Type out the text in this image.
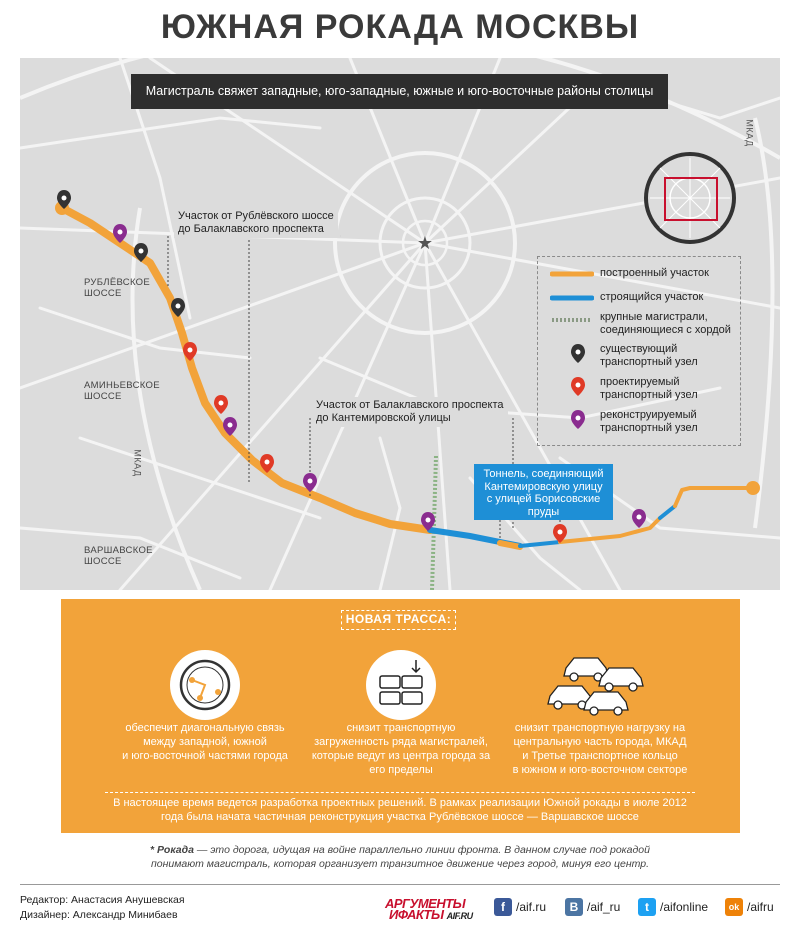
ЮЖНАЯ РОКАДА МОСКВЫ
★
Магистраль свяжет западные, юго-западные, южные и юго-восточные районы столицы
РУБЛЁВСКОЕ
ШОССЕ
АМИНЬЕВСКОЕ
ШОССЕ
ВАРШАВСКОЕ
ШОССЕ
МКАД
МКАД
Участок от Рублёвского шоссе
до Балаклавского проспекта
Участок от Балаклавского проспекта
до Кантемировской улицы
Тоннель, соединяющий
Кантемировскую улицу
с улицей Борисовские
пруды
построенный участок
строящийся участок
крупные магистрали,
соединяющиеся с хордой
существующий
транспортный узел
проектируемый
транспортный узел
реконструируемый
транспортный узел
НОВАЯ ТРАССА:
обеспечит диагональную связь
между западной, южной
и юго-восточной частями города
снизит транспортную
загруженность ряда магистралей,
которые ведут из центра города за
его пределы
снизит транспортную нагрузку на
центральную часть города, МКАД
и Третье транспортное кольцо
в южном и юго-восточном секторе
В настоящее время ведется разработка проектных решений. В рамках реализации Южной рокады в июле 2012
года была начата частичная реконструкция участка Рублёвское шоссе — Варшавское шоссе
* Рокада — это дорога, идущая на войне параллельно линии фронта. В данном случае под рокадой
понимают магистраль, которая организует транзитное движение через город, минуя его центр.
Редактор: Анастасия Анушевская
Дизайнер: Александр Минибаев
АРГУМЕНТЫ
ИФАКТЫ AIF.RU
f /aif.ru	B /aif_ru	t /aifonline	ok /aifru
